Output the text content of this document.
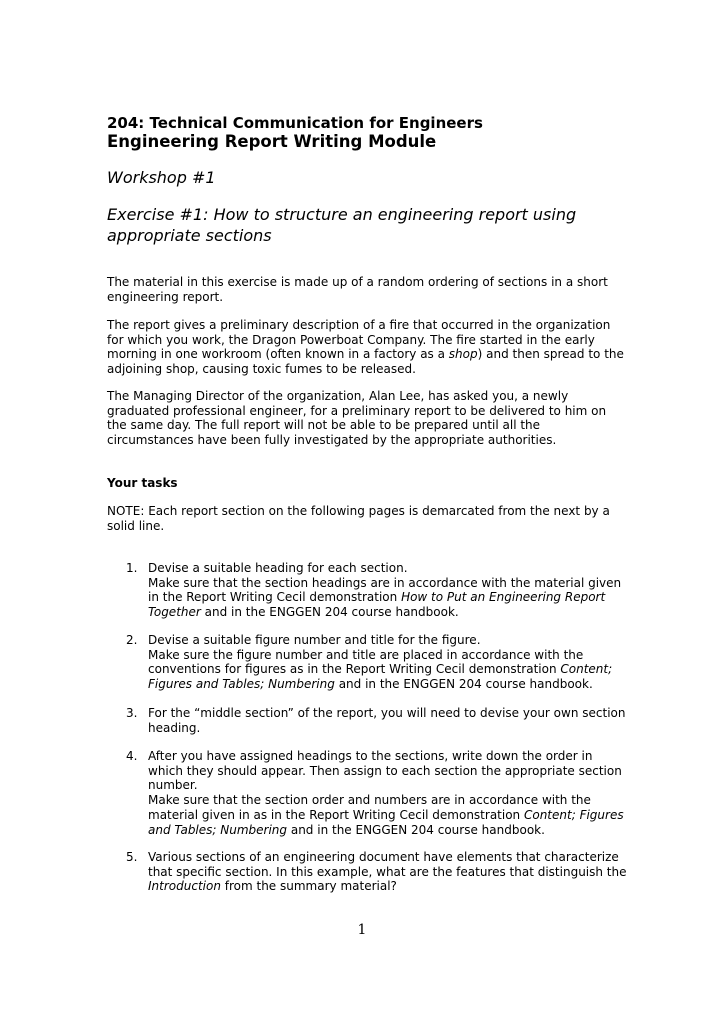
204: Technical Communication for Engineers
Engineering Report Writing Module
Workshop #1
Exercise #1: How to structure an engineering report using appropriate sections
The material in this exercise is made up of a random ordering of sections in a short engineering report.
The report gives a preliminary description of a fire that occurred in the organization for which you work, the Dragon Powerboat Company. The fire started in the early morning in one workroom (often known in a factory as a shop) and then spread to the adjoining shop, causing toxic fumes to be released.
The Managing Director of the organization, Alan Lee, has asked you, a newly graduated professional engineer, for a preliminary report to be delivered to him on the same day. The full report will not be able to be prepared until all the circumstances have been fully investigated by the appropriate authorities.
Your tasks
NOTE: Each report section on the following pages is demarcated from the next by a solid line.
1. Devise a suitable heading for each section.
Make sure that the section headings are in accordance with the material given in the Report Writing Cecil demonstration How to Put an Engineering Report Together and in the ENGGEN 204 course handbook.
2. Devise a suitable figure number and title for the figure.
Make sure the figure number and title are placed in accordance with the conventions for figures as in the Report Writing Cecil demonstration Content; Figures and Tables; Numbering and in the ENGGEN 204 course handbook.
3. For the “middle section” of the report, you will need to devise your own section heading.
4. After you have assigned headings to the sections, write down the order in which they should appear. Then assign to each section the appropriate section number.
Make sure that the section order and numbers are in accordance with the material given in as in the Report Writing Cecil demonstration Content; Figures and Tables; Numbering and in the ENGGEN 204 course handbook.
5. Various sections of an engineering document have elements that characterize that specific section. In this example, what are the features that distinguish the Introduction from the summary material?
1
